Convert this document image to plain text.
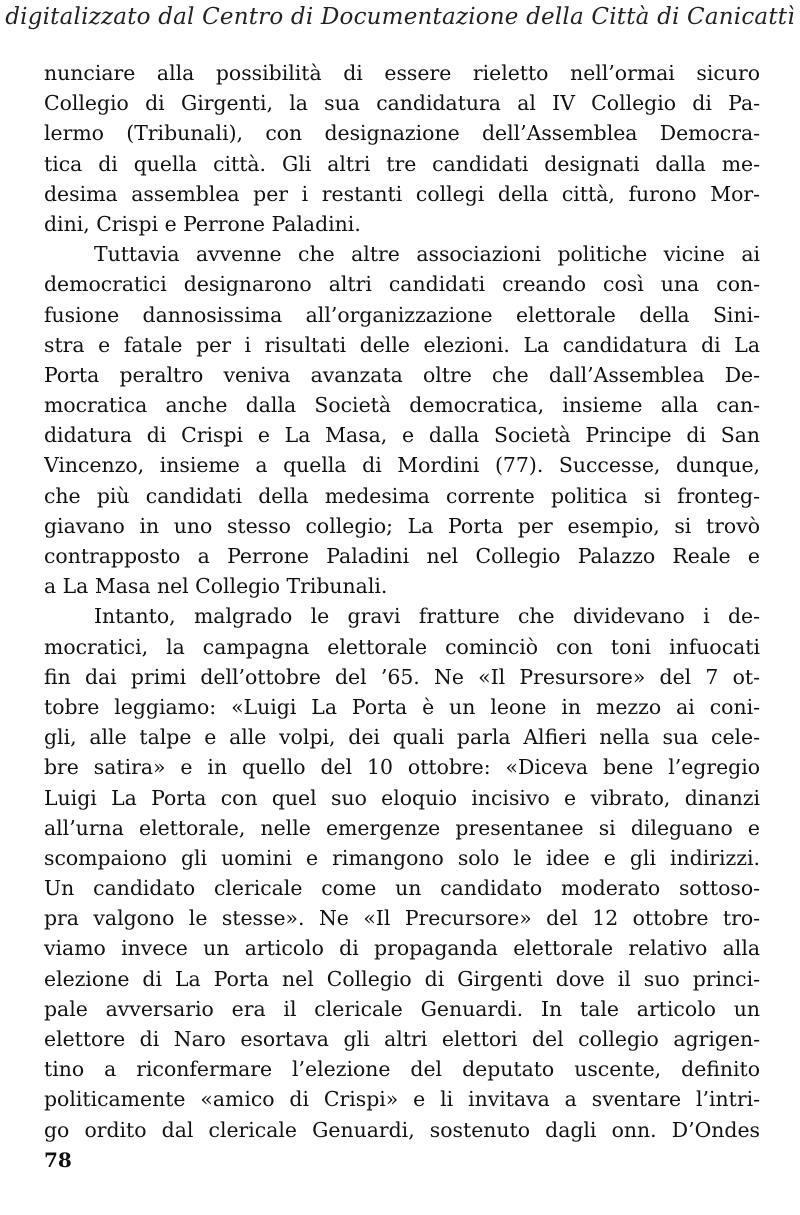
digitalizzato dal Centro di Documentazione della Città di Canicattì
nunciare alla possibilità di essere rieletto nell’ormai sicuro
Collegio di Girgenti, la sua candidatura al IV Collegio di Pa-
lermo (Tribunali), con designazione dell’Assemblea Democra-
tica di quella città. Gli altri tre candidati designati dalla me-
desima assemblea per i restanti collegi della città, furono Mor-
dini, Crispi e Perrone Paladini.
Tuttavia avvenne che altre associazioni politiche vicine ai
democratici designarono altri candidati creando così una con-
fusione dannosissima all’organizzazione elettorale della Sini-
stra e fatale per i risultati delle elezioni. La candidatura di La
Porta peraltro veniva avanzata oltre che dall’Assemblea De-
mocratica anche dalla Società democratica, insieme alla can-
didatura di Crispi e La Masa, e dalla Società Principe di San
Vincenzo, insieme a quella di Mordini (77). Successe, dunque,
che più candidati della medesima corrente politica si fronteg-
giavano in uno stesso collegio; La Porta per esempio, si trovò
contrapposto a Perrone Paladini nel Collegio Palazzo Reale e
a La Masa nel Collegio Tribunali.
Intanto, malgrado le gravi fratture che dividevano i de-
mocratici, la campagna elettorale cominciò con toni infuocati
fin dai primi dell’ottobre del ’65. Ne «Il Presursore» del 7 ot-
tobre leggiamo: «Luigi La Porta è un leone in mezzo ai coni-
gli, alle talpe e alle volpi, dei quali parla Alfieri nella sua cele-
bre satira» e in quello del 10 ottobre: «Diceva bene l’egregio
Luigi La Porta con quel suo eloquio incisivo e vibrato, dinanzi
all’urna elettorale, nelle emergenze presentanee si dileguano e
scompaiono gli uomini e rimangono solo le idee e gli indirizzi.
Un candidato clericale come un candidato moderato sottoso-
pra valgono le stesse». Ne «Il Precursore» del 12 ottobre tro-
viamo invece un articolo di propaganda elettorale relativo alla
elezione di La Porta nel Collegio di Girgenti dove il suo princi-
pale avversario era il clericale Genuardi. In tale articolo un
elettore di Naro esortava gli altri elettori del collegio agrigen-
tino a riconfermare l’elezione del deputato uscente, definito
politicamente «amico di Crispi» e li invitava a sventare l’intri-
go ordito dal clericale Genuardi, sostenuto dagli onn. D’Ondes
78
